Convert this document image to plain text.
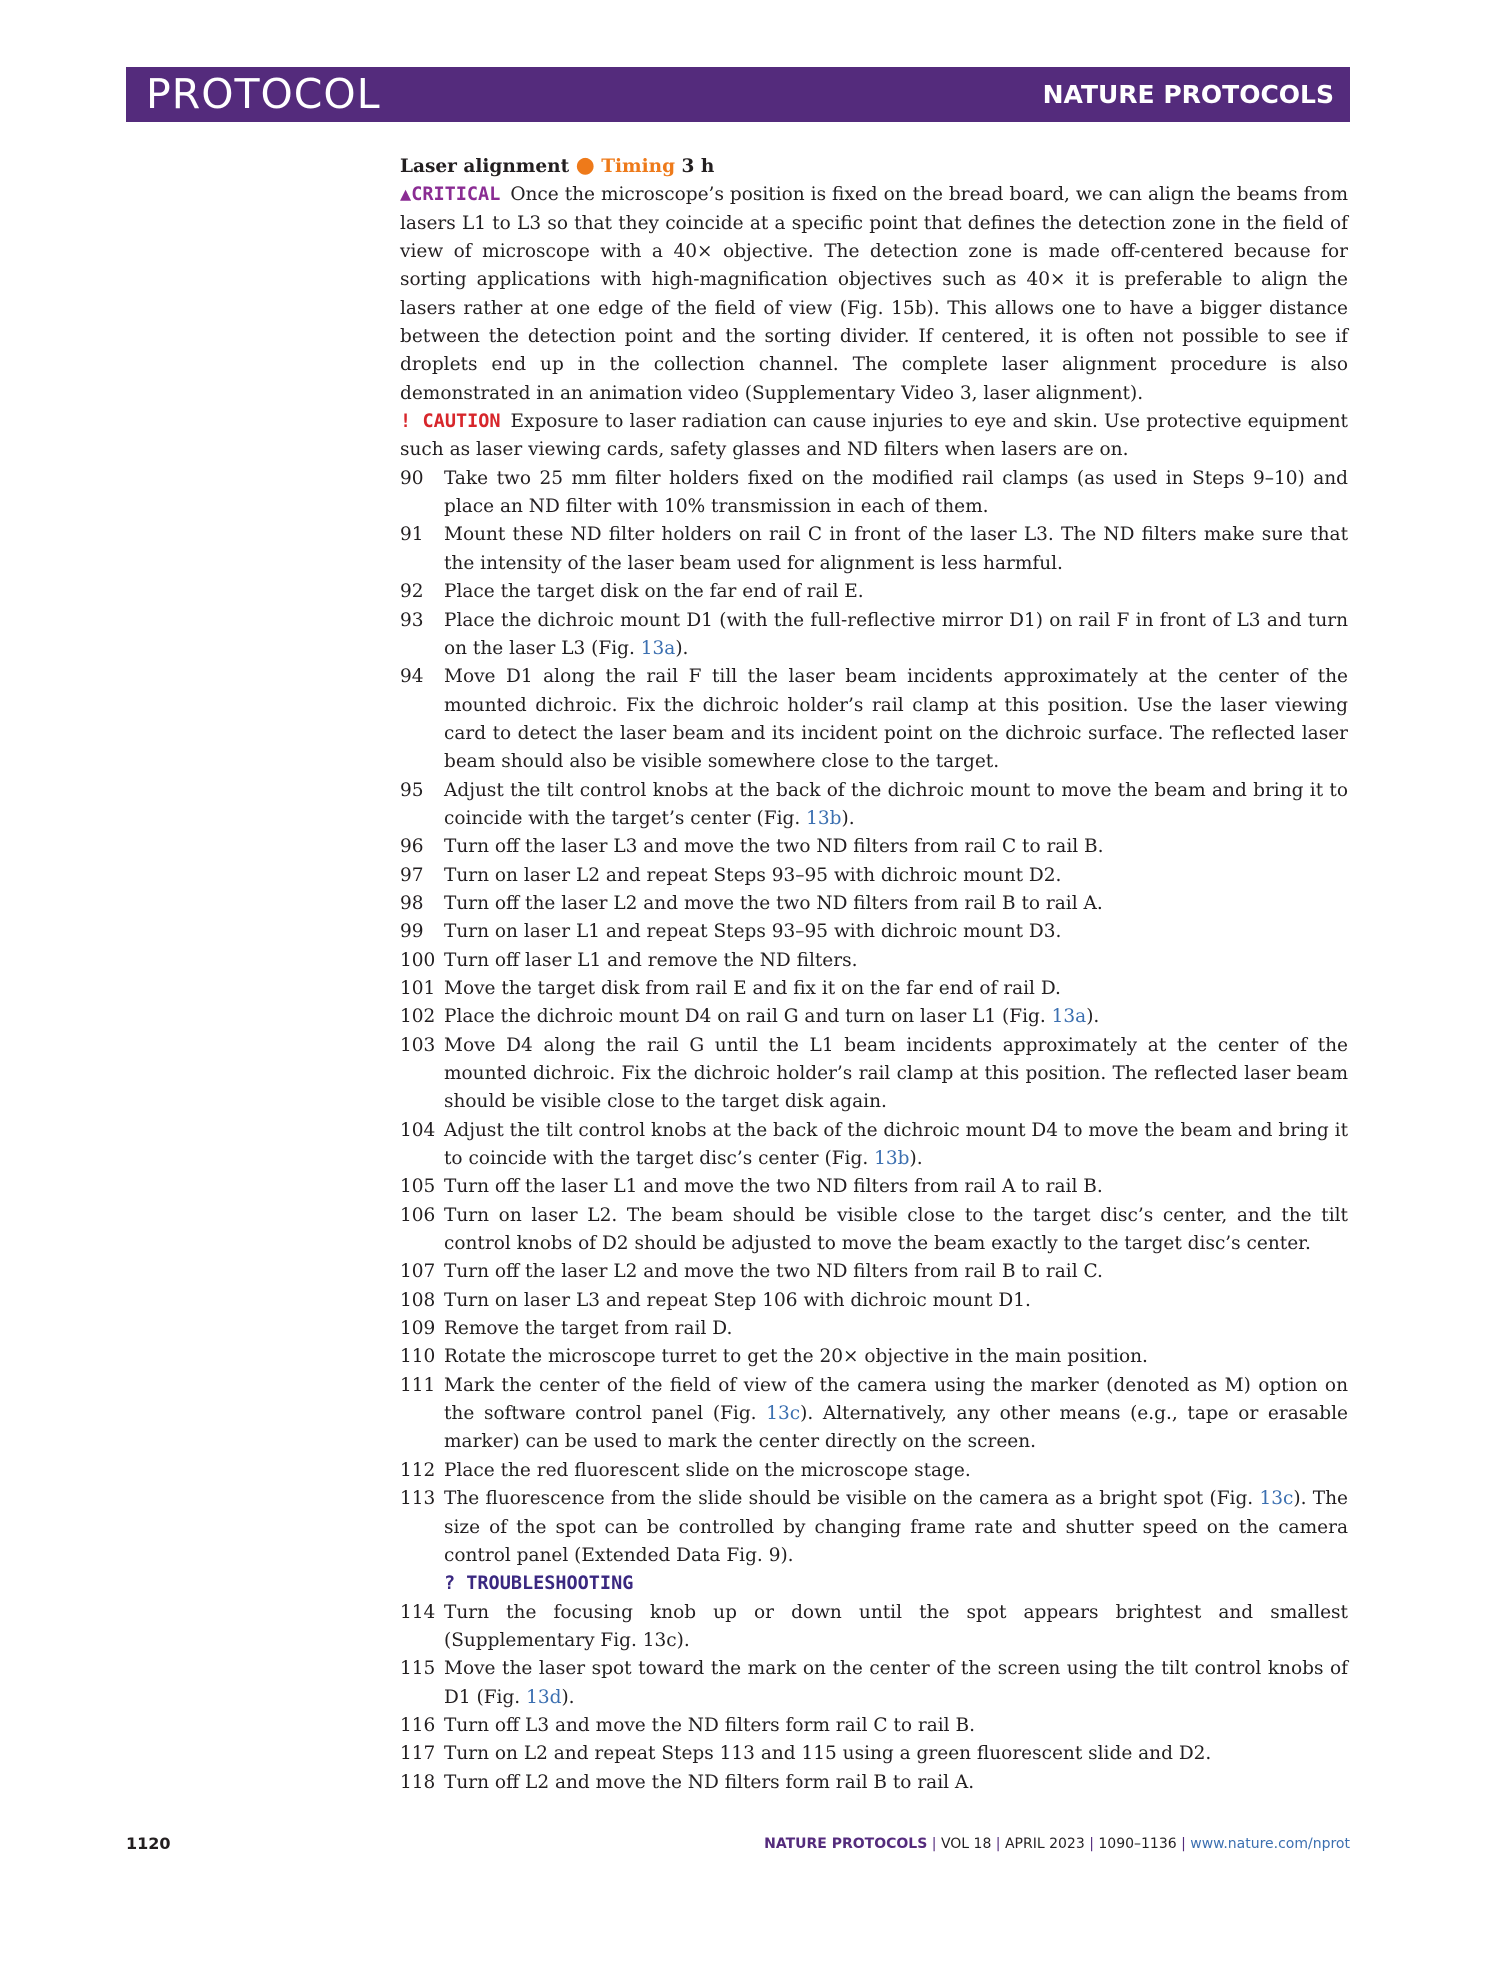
PROTOCOL	NATURE PROTOCOLS
Laser alignment ● Timing 3 h
▲CRITICAL Once the microscope’s position is fixed on the bread board, we can align the beams from lasers L1 to L3 so that they coincide at a specific point that defines the detection zone in the field of view of microscope with a 40× objective. The detection zone is made off-centered because for sorting applications with high-magnification objectives such as 40× it is preferable to align the lasers rather at one edge of the field of view (Fig. 15b). This allows one to have a bigger distance between the detection point and the sorting divider. If centered, it is often not possible to see if droplets end up in the collection channel. The complete laser alignment procedure is also demonstrated in an animation video (Supplementary Video 3, laser alignment).
! CAUTION Exposure to laser radiation can cause injuries to eye and skin. Use protective equipment such as laser viewing cards, safety glasses and ND filters when lasers are on.
90	Take two 25 mm filter holders fixed on the modified rail clamps (as used in Steps 9–10) and place an ND filter with 10% transmission in each of them.
91	Mount these ND filter holders on rail C in front of the laser L3. The ND filters make sure that the intensity of the laser beam used for alignment is less harmful.
92	Place the target disk on the far end of rail E.
93	Place the dichroic mount D1 (with the full-reflective mirror D1) on rail F in front of L3 and turn on the laser L3 (Fig. 13a).
94	Move D1 along the rail F till the laser beam incidents approximately at the center of the mounted dichroic. Fix the dichroic holder’s rail clamp at this position. Use the laser viewing card to detect the laser beam and its incident point on the dichroic surface. The reflected laser beam should also be visible somewhere close to the target.
95	Adjust the tilt control knobs at the back of the dichroic mount to move the beam and bring it to coincide with the target’s center (Fig. 13b).
96	Turn off the laser L3 and move the two ND filters from rail C to rail B.
97	Turn on laser L2 and repeat Steps 93–95 with dichroic mount D2.
98	Turn off the laser L2 and move the two ND filters from rail B to rail A.
99	Turn on laser L1 and repeat Steps 93–95 with dichroic mount D3.
100 Turn off laser L1 and remove the ND filters.
101 Move the target disk from rail E and fix it on the far end of rail D.
102 Place the dichroic mount D4 on rail G and turn on laser L1 (Fig. 13a).
103 Move D4 along the rail G until the L1 beam incidents approximately at the center of the mounted dichroic. Fix the dichroic holder’s rail clamp at this position. The reflected laser beam should be visible close to the target disk again.
104 Adjust the tilt control knobs at the back of the dichroic mount D4 to move the beam and bring it to coincide with the target disc’s center (Fig. 13b).
105 Turn off the laser L1 and move the two ND filters from rail A to rail B.
106 Turn on laser L2. The beam should be visible close to the target disc’s center, and the tilt control knobs of D2 should be adjusted to move the beam exactly to the target disc’s center.
107 Turn off the laser L2 and move the two ND filters from rail B to rail C.
108 Turn on laser L3 and repeat Step 106 with dichroic mount D1.
109 Remove the target from rail D.
110 Rotate the microscope turret to get the 20× objective in the main position.
111 Mark the center of the field of view of the camera using the marker (denoted as M) option on the software control panel (Fig. 13c). Alternatively, any other means (e.g., tape or erasable marker) can be used to mark the center directly on the screen.
112 Place the red fluorescent slide on the microscope stage.
113 The fluorescence from the slide should be visible on the camera as a bright spot (Fig. 13c). The size of the spot can be controlled by changing frame rate and shutter speed on the camera control panel (Extended Data Fig. 9).
? TROUBLESHOOTING
114 Turn the focusing knob up or down until the spot appears brightest and smallest (Supplementary Fig. 13c).
115 Move the laser spot toward the mark on the center of the screen using the tilt control knobs of D1 (Fig. 13d).
116 Turn off L3 and move the ND filters form rail C to rail B.
117 Turn on L2 and repeat Steps 113 and 115 using a green fluorescent slide and D2.
118 Turn off L2 and move the ND filters form rail B to rail A.
1120	NATURE PROTOCOLS | VOL 18 | APRIL 2023 | 1090–1136 | www.nature.com/nprot
